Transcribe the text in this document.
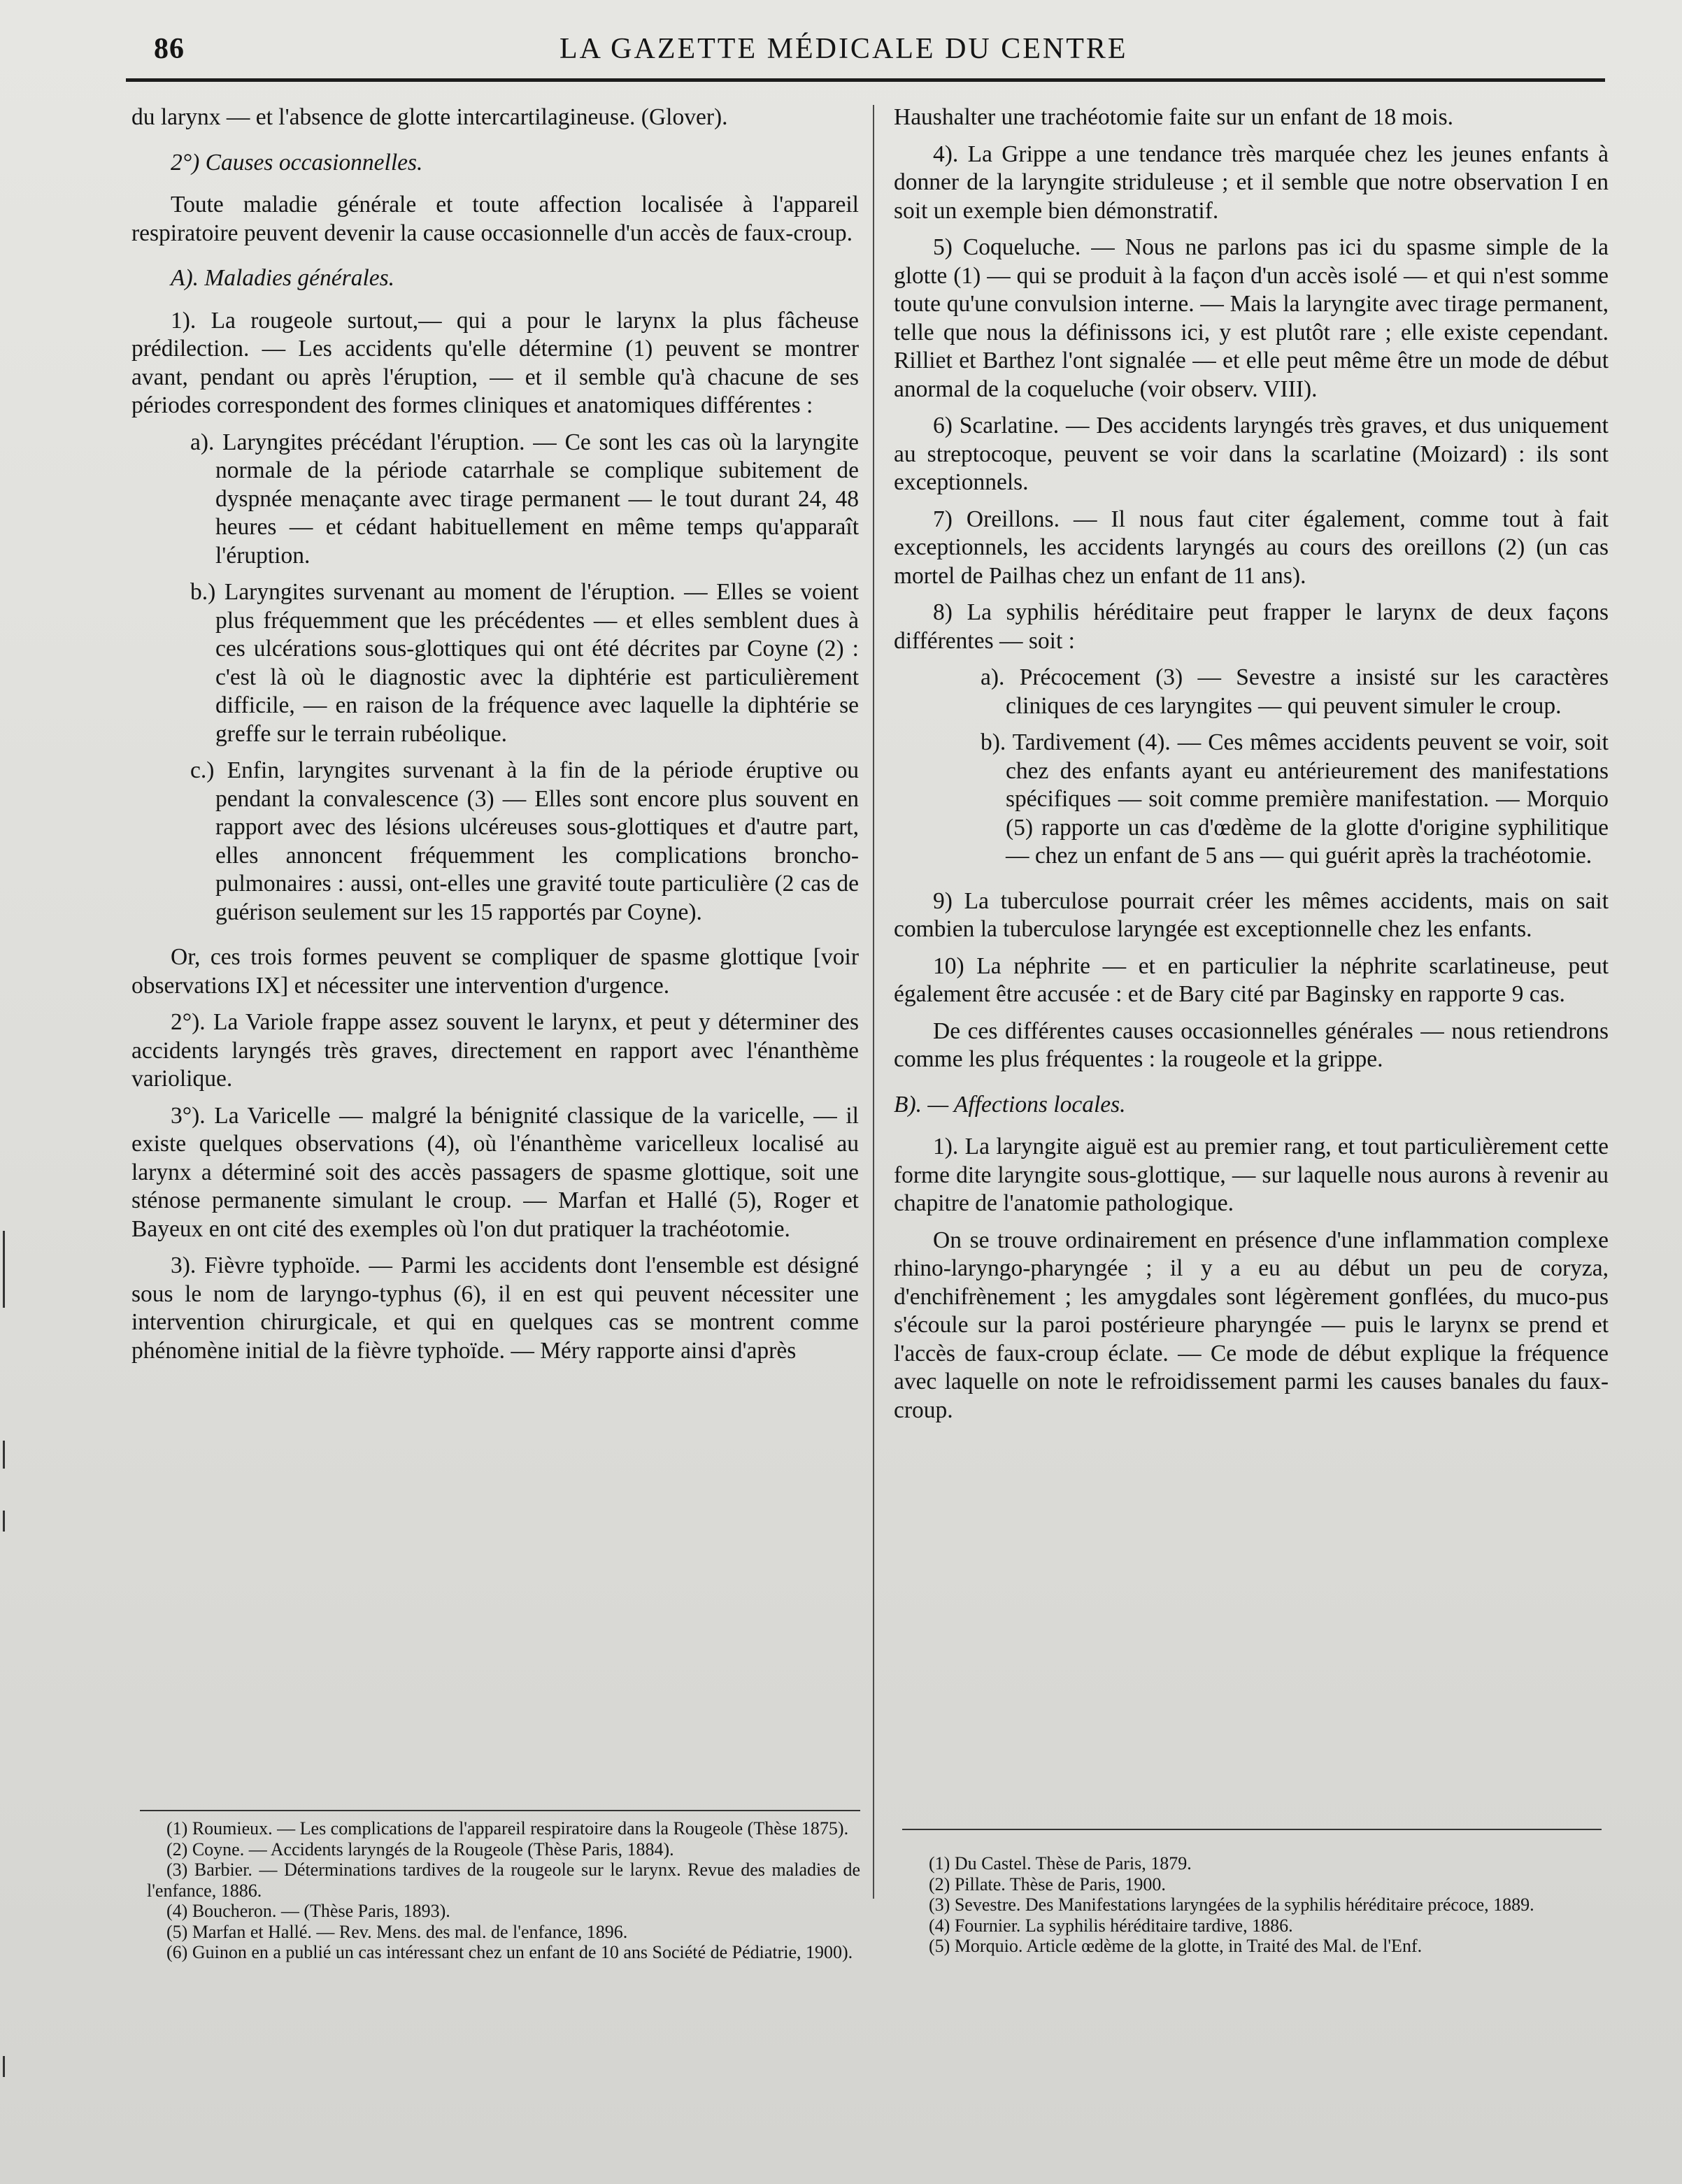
86	LA GAZETTE MÉDICALE DU CENTRE

du larynx — et l'absence de glotte intercartilagineuse. (Glover).

2°) Causes occasionnelles.

Toute maladie générale et toute affection localisée à l'appareil respiratoire peuvent devenir la cause occasionnelle d'un accès de faux-croup.

A). Maladies générales.

1). La rougeole surtout,— qui a pour le larynx la plus fâcheuse prédilection. — Les accidents qu'elle détermine (1) peuvent se montrer avant, pendant ou après l'éruption, — et il semble qu'à chacune de ses périodes correspondent des formes cliniques et anatomiques différentes :

a). Laryngites précédant l'éruption. — Ce sont les cas où la laryngite normale de la période catarrhale se complique subitement de dyspnée menaçante avec tirage permanent — le tout durant 24, 48 heures — et cédant habituellement en même temps qu'apparaît l'éruption.

b.) Laryngites survenant au moment de l'éruption. — Elles se voient plus fréquemment que les précédentes — et elles semblent dues à ces ulcérations sous-glottiques qui ont été décrites par Coyne (2) : c'est là où le diagnostic avec la diphtérie est particulièrement difficile, — en raison de la fréquence avec laquelle la diphtérie se greffe sur le terrain rubéolique.

c.) Enfin, laryngites survenant à la fin de la période éruptive ou pendant la convalescence (3) — Elles sont encore plus souvent en rapport avec des lésions ulcéreuses sous-glottiques et d'autre part, elles annoncent fréquemment les complications broncho-pulmonaires : aussi, ont-elles une gravité toute particulière (2 cas de guérison seulement sur les 15 rapportés par Coyne).

Or, ces trois formes peuvent se compliquer de spasme glottique [voir observations IX] et nécessiter une intervention d'urgence.

2°). La Variole frappe assez souvent le larynx, et peut y déterminer des accidents laryngés très graves, directement en rapport avec l'énanthème variolique.

3°). La Varicelle — malgré la bénignité classique de la varicelle, — il existe quelques observations (4), où l'énanthème varicelleux localisé au larynx a déterminé soit des accès passagers de spasme glottique, soit une sténose permanente simulant le croup. — Marfan et Hallé (5), Roger et Bayeux en ont cité des exemples où l'on dut pratiquer la trachéotomie.

3). Fièvre typhoïde. — Parmi les accidents dont l'ensemble est désigné sous le nom de laryngo-typhus (6), il en est qui peuvent nécessiter une intervention chirurgicale, et qui en quelques cas se montrent comme phénomène initial de la fièvre typhoïde. — Méry rapporte ainsi d'après

Haushalter une trachéotomie faite sur un enfant de 18 mois.

4). La Grippe a une tendance très marquée chez les jeunes enfants à donner de la laryngite striduleuse ; et il semble que notre observation I en soit un exemple bien démonstratif.

5) Coqueluche. — Nous ne parlons pas ici du spasme simple de la glotte (1) — qui se produit à la façon d'un accès isolé — et qui n'est somme toute qu'une convulsion interne. — Mais la laryngite avec tirage permanent, telle que nous la définissons ici, y est plutôt rare ; elle existe cependant. Rilliet et Barthez l'ont signalée — et elle peut même être un mode de début anormal de la coqueluche (voir observ. VIII).

6) Scarlatine. — Des accidents laryngés très graves, et dus uniquement au streptocoque, peuvent se voir dans la scarlatine (Moizard) : ils sont exceptionnels.

7) Oreillons. — Il nous faut citer également, comme tout à fait exceptionnels, les accidents laryngés au cours des oreillons (2) (un cas mortel de Pailhas chez un enfant de 11 ans).

8) La syphilis héréditaire peut frapper le larynx de deux façons différentes — soit :

a). Précocement (3) — Sevestre a insisté sur les caractères cliniques de ces laryngites — qui peuvent simuler le croup.

b). Tardivement (4). — Ces mêmes accidents peuvent se voir, soit chez des enfants ayant eu antérieurement des manifestations spécifiques — soit comme première manifestation. — Morquio (5) rapporte un cas d'œdème de la glotte d'origine syphilitique — chez un enfant de 5 ans — qui guérit après la trachéotomie.

9) La tuberculose pourrait créer les mêmes accidents, mais on sait combien la tuberculose laryngée est exceptionnelle chez les enfants.

10) La néphrite — et en particulier la néphrite scarlatineuse, peut également être accusée : et de Bary cité par Baginsky en rapporte 9 cas.

De ces différentes causes occasionnelles générales — nous retiendrons comme les plus fréquentes : la rougeole et la grippe.

B). — Affections locales.

1). La laryngite aiguë est au premier rang, et tout particulièrement cette forme dite laryngite sous-glottique, — sur laquelle nous aurons à revenir au chapitre de l'anatomie pathologique.

On se trouve ordinairement en présence d'une inflammation complexe rhino-laryngo-pharyngée ; il y a eu au début un peu de coryza, d'enchifrènement ; les amygdales sont légèrement gonflées, du muco-pus s'écoule sur la paroi postérieure pharyngée — puis le larynx se prend et l'accès de faux-croup éclate. — Ce mode de début explique la fréquence avec laquelle on note le refroidissement parmi les causes banales du faux-croup.

(1) Roumieux. — Les complications de l'appareil respiratoire dans la Rougeole (Thèse 1875).

(2) Coyne. — Accidents laryngés de la Rougeole (Thèse Paris, 1884).

(3) Barbier. — Déterminations tardives de la rougeole sur le larynx. Revue des maladies de l'enfance, 1886.

(4) Boucheron. — (Thèse Paris, 1893).

(5) Marfan et Hallé. — Rev. Mens. des mal. de l'enfance, 1896.

(6) Guinon en a publié un cas intéressant chez un enfant de 10 ans Société de Pédiatrie, 1900).

(1) Du Castel. Thèse de Paris, 1879.

(2) Pillate. Thèse de Paris, 1900.

(3) Sevestre. Des Manifestations laryngées de la syphilis héréditaire précoce, 1889.

(4) Fournier. La syphilis héréditaire tardive, 1886.

(5) Morquio. Article œdème de la glotte, in Traité des Mal. de l'Enf.
